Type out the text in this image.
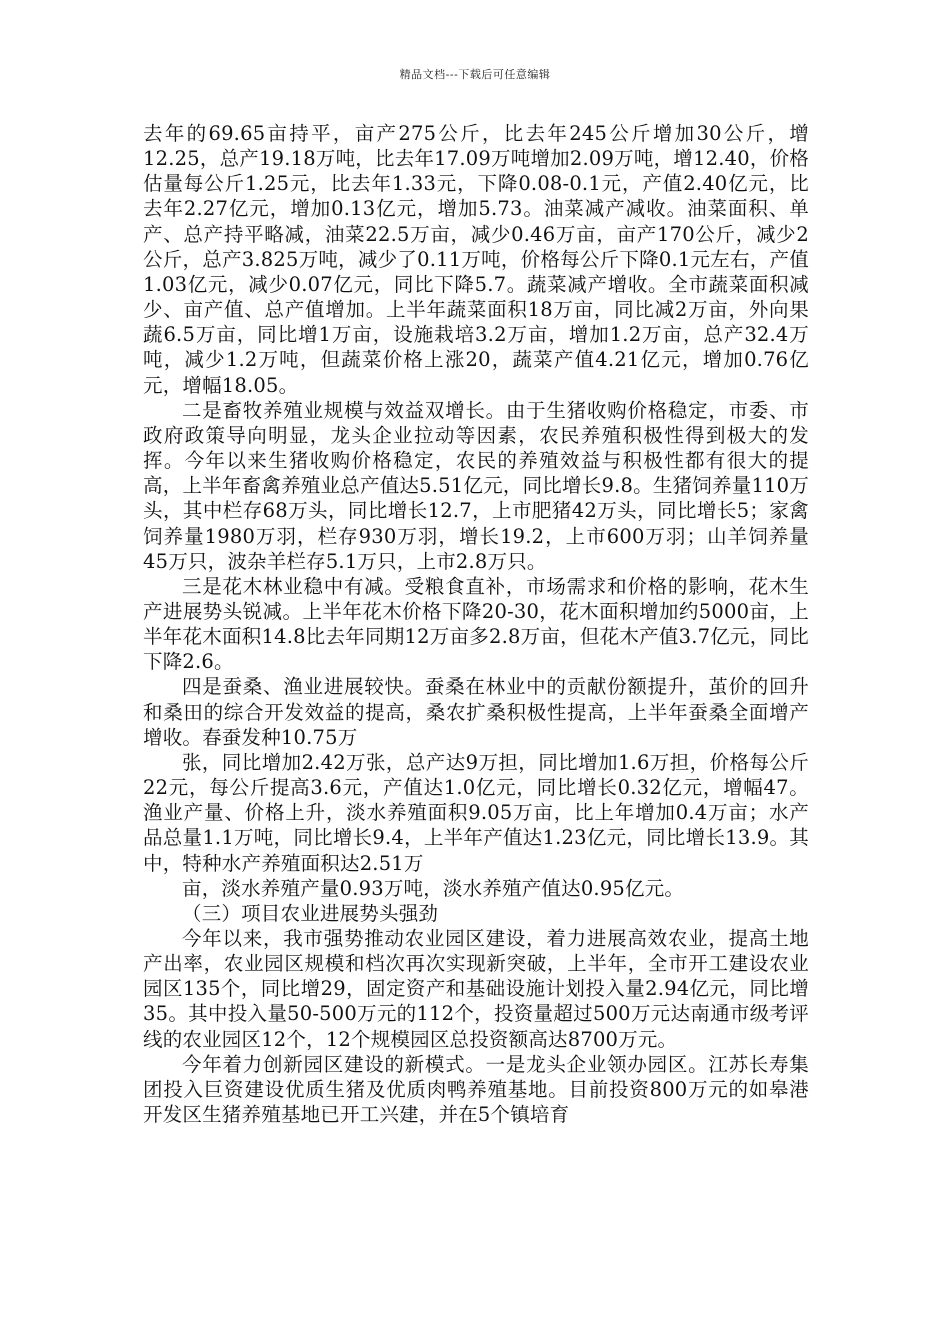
精品文档---下载后可任意编辑

去年的69.65亩持平，亩产275公斤，比去年245公斤增加30公斤，增12.25，总产19.18万吨，比去年17.09万吨增加2.09万吨，增12.40，价格估量每公斤1.25元，比去年1.33元，下降0.08-0.1元，产值2.40亿元，比去年2.27亿元，增加0.13亿元，增加5.73。油菜减产减收。油菜面积、单产、总产持平略减，油菜22.5万亩，减少0.46万亩，亩产170公斤，减少2公斤，总产3.825万吨，减少了0.11万吨，价格每公斤下降0.1元左右，产值1.03亿元，减少0.07亿元，同比下降5.7。蔬菜减产增收。全市蔬菜面积减少、亩产值、总产值增加。上半年蔬菜面积18万亩，同比减2万亩，外向果蔬6.5万亩，同比增1万亩，设施栽培3.2万亩，增加1.2万亩，总产32.4万吨，减少1.2万吨，但蔬菜价格上涨20，蔬菜产值4.21亿元，增加0.76亿元，增幅18.05。

二是畜牧养殖业规模与效益双增长。由于生猪收购价格稳定，市委、市政府政策导向明显，龙头企业拉动等因素，农民养殖积极性得到极大的发挥。今年以来生猪收购价格稳定，农民的养殖效益与积极性都有很大的提高，上半年畜禽养殖业总产值达5.51亿元，同比增长9.8。生猪饲养量110万头，其中栏存68万头，同比增长12.7，上市肥猪42万头，同比增长5；家禽饲养量1980万羽，栏存930万羽，增长19.2，上市600万羽；山羊饲养量45万只，波杂羊栏存5.1万只，上市2.8万只。

三是花木林业稳中有减。受粮食直补，市场需求和价格的影响，花木生产进展势头锐减。上半年花木价格下降20-30，花木面积增加约5000亩，上半年花木面积14.8比去年同期12万亩多2.8万亩，但花木产值3.7亿元，同比下降2.6。

四是蚕桑、渔业进展较快。蚕桑在林业中的贡献份额提升，茧价的回升和桑田的综合开发效益的提高，桑农扩桑积极性提高，上半年蚕桑全面增产增收。春蚕发种10.75万

张，同比增加2.42万张，总产达9万担，同比增加1.6万担，价格每公斤22元，每公斤提高3.6元，产值达1.0亿元，同比增长0.32亿元，增幅47。渔业产量、价格上升，淡水养殖面积9.05万亩，比上年增加0.4万亩；水产品总量1.1万吨，同比增长9.4，上半年产值达1.23亿元，同比增长13.9。其中，特种水产养殖面积达2.51万

亩，淡水养殖产量0.93万吨，淡水养殖产值达0.95亿元。

（三）项目农业进展势头强劲

今年以来，我市强势推动农业园区建设，着力进展高效农业，提高土地产出率，农业园区规模和档次再次实现新突破，上半年，全市开工建设农业园区135个，同比增29，固定资产和基础设施计划投入量2.94亿元，同比增35。其中投入量50-500万元的112个，投资量超过500万元达南通市级考评线的农业园区12个，12个规模园区总投资额高达8700万元。

今年着力创新园区建设的新模式。一是龙头企业领办园区。江苏长寿集团投入巨资建设优质生猪及优质肉鸭养殖基地。目前投资800万元的如皋港开发区生猪养殖基地已开工兴建，并在5个镇培育
